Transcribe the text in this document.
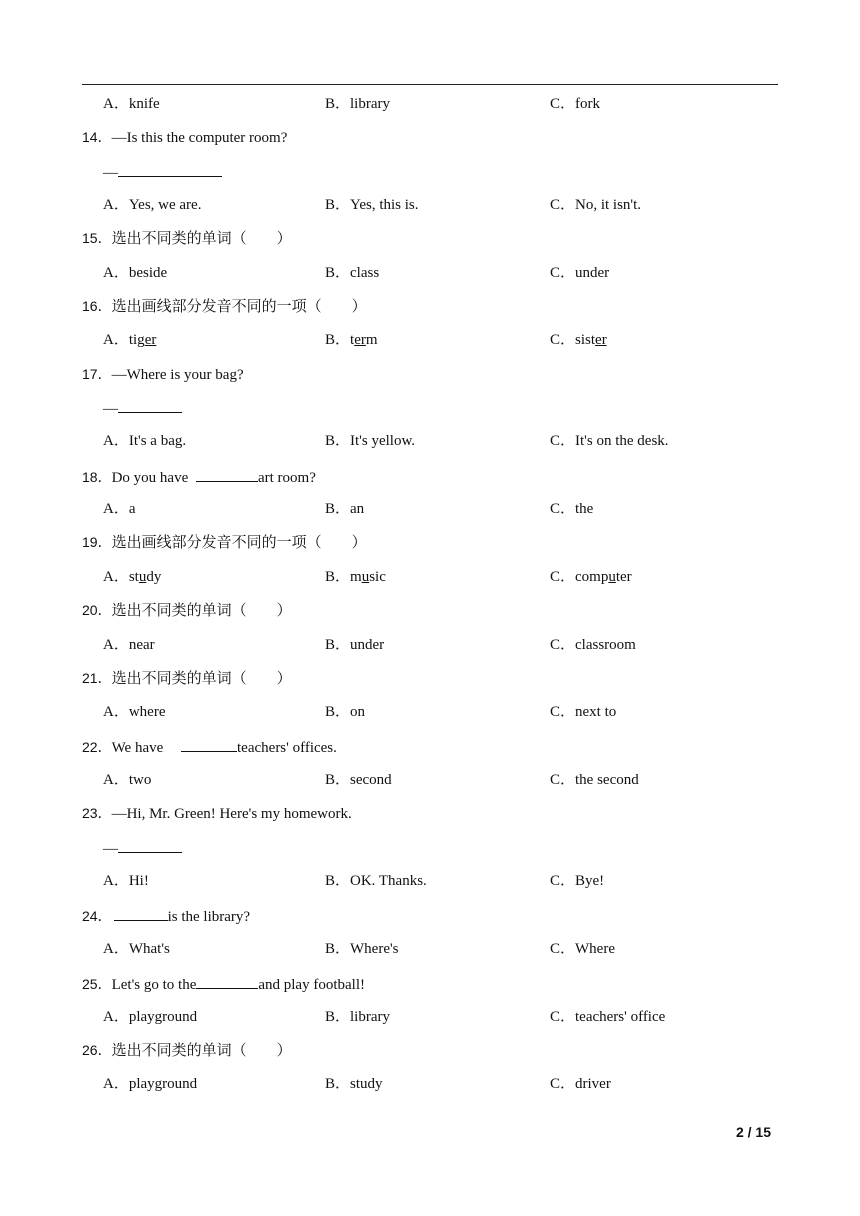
A．knife	B．library	C．fork
14．—Is this the computer room?
—
A．Yes, we are.	B．Yes, this is.	C．No, it isn't.
15．选出不同类的单词（　　）
A．beside	B．class	C．under
16．选出画线部分发音不同的一项（　　）
A．tiger	B．term	C．sister
17．—Where is your bag?
—
A．It's a bag.	B．It's yellow.	C．It's on the desk.
18．Do you have	art room?
A．a	B．an	C．the
19．选出画线部分发音不同的一项（　　）
A．study	B．music	C．computer
20．选出不同类的单词（　　）
A．near	B．under	C．classroom
21．选出不同类的单词（　　）
A．where	B．on	C．next to
22．We have	teachers' offices.
A．two	B．second	C．the second
23．—Hi, Mr. Green! Here's my homework.
—
A．Hi!	B．OK. Thanks.	C．Bye!
24．	is the library?
A．What's	B．Where's	C．Where
25．Let's go to the	and play football!
A．playground	B．library	C．teachers' office
26．选出不同类的单词（　　）
A．playground	B．study	C．driver
2 / 15
